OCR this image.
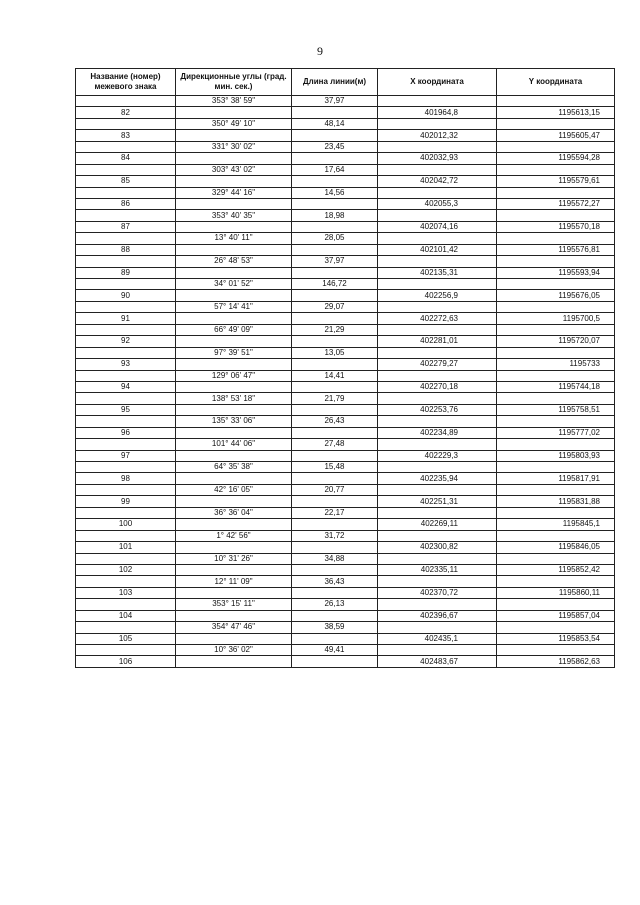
9
Название (номер) межевого знака	Дирекционные углы (град. мин. сек.)	Длина линии(м)	X координата	Y координата
	353° 38' 59"	37,97		
82			401964,8	1195613,15
	350° 49' 10"	48,14		
83			402012,32	1195605,47
	331° 30' 02"	23,45		
84			402032,93	1195594,28
	303° 43' 02"	17,64		
85			402042,72	1195579,61
	329° 44' 16"	14,56		
86			402055,3	1195572,27
	353° 40' 35"	18,98		
87			402074,16	1195570,18
	13° 40' 11"	28,05		
88			402101,42	1195576,81
	26° 48' 53"	37,97		
89			402135,31	1195593,94
	34° 01' 52"	146,72		
90			402256,9	1195676,05
	57° 14' 41"	29,07		
91			402272,63	1195700,5
	66° 49' 09"	21,29		
92			402281,01	1195720,07
	97° 39' 51"	13,05		
93			402279,27	1195733
	129° 06' 47"	14,41		
94			402270,18	1195744,18
	138° 53' 18"	21,79		
95			402253,76	1195758,51
	135° 33' 06"	26,43		
96			402234,89	1195777,02
	101° 44' 06"	27,48		
97			402229,3	1195803,93
	64° 35' 38"	15,48		
98			402235,94	1195817,91
	42° 16' 05"	20,77		
99			402251,31	1195831,88
	36° 36' 04"	22,17		
100			402269,11	1195845,1
	1° 42' 56"	31,72		
101			402300,82	1195846,05
	10° 31' 26"	34,88		
102			402335,11	1195852,42
	12° 11' 09"	36,43		
103			402370,72	1195860,11
	353° 15' 11"	26,13		
104			402396,67	1195857,04
	354° 47' 46"	38,59		
105			402435,1	1195853,54
	10° 36' 02"	49,41		
106			402483,67	1195862,63
